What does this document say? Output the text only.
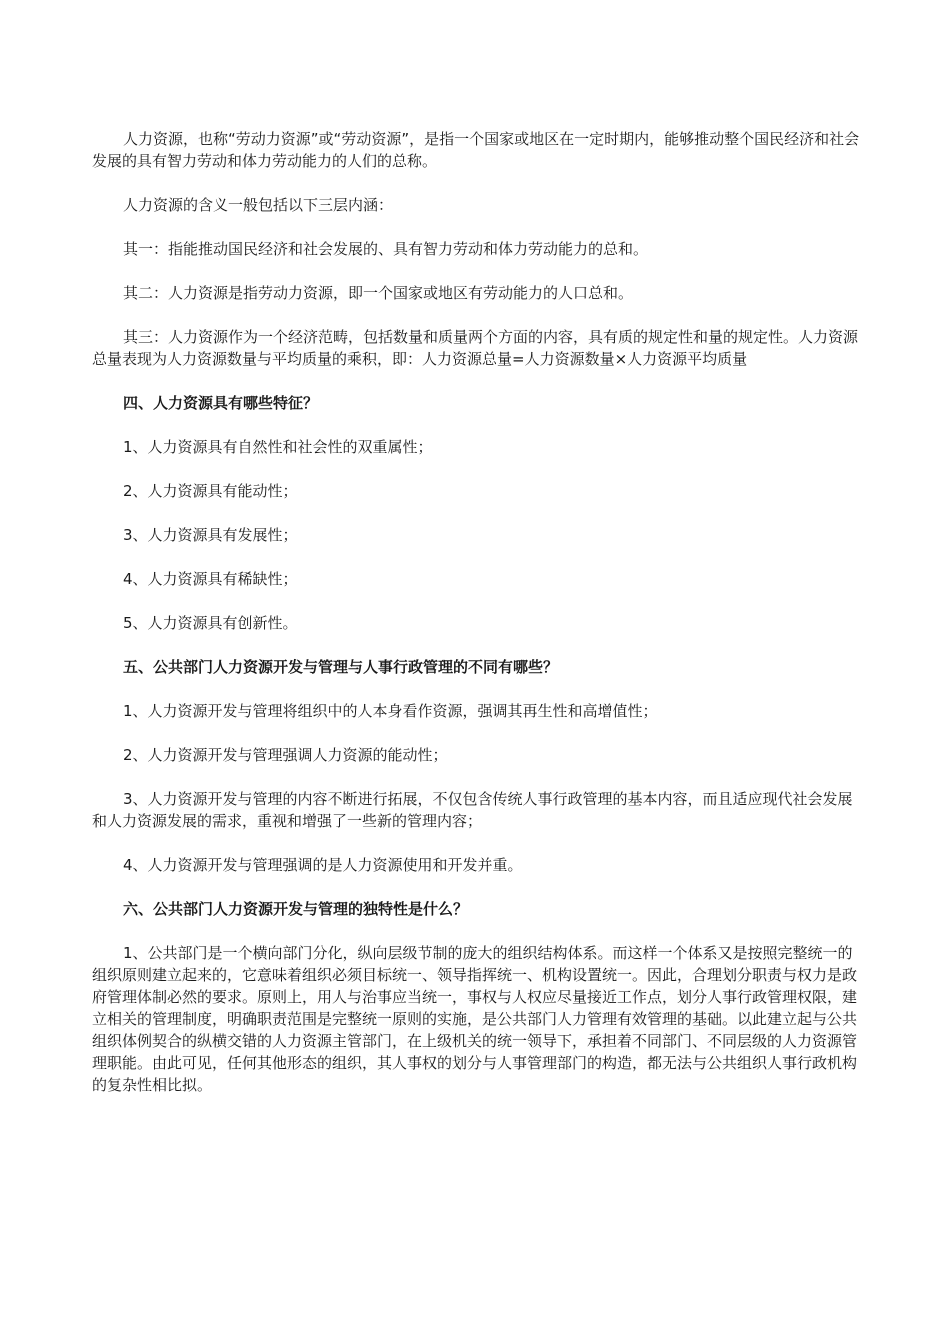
人力资源，也称“劳动力资源”或“劳动资源”，是指一个国家或地区在一定时期内，能够推动整个国民经济和社会发展的具有智力劳动和体力劳动能力的人们的总称。

人力资源的含义一般包括以下三层内涵：

其一：指能推动国民经济和社会发展的、具有智力劳动和体力劳动能力的总和。

其二：人力资源是指劳动力资源，即一个国家或地区有劳动能力的人口总和。

其三：人力资源作为一个经济范畴，包括数量和质量两个方面的内容，具有质的规定性和量的规定性。人力资源总量表现为人力资源数量与平均质量的乘积，即：人力资源总量=人力资源数量×人力资源平均质量

四、人力资源具有哪些特征？

1、人力资源具有自然性和社会性的双重属性；

2、人力资源具有能动性；

3、人力资源具有发展性；

4、人力资源具有稀缺性；

5、人力资源具有创新性。

五、公共部门人力资源开发与管理与人事行政管理的不同有哪些？

1、人力资源开发与管理将组织中的人本身看作资源，强调其再生性和高增值性；

2、人力资源开发与管理强调人力资源的能动性；

3、人力资源开发与管理的内容不断进行拓展，不仅包含传统人事行政管理的基本内容，而且适应现代社会发展和人力资源发展的需求，重视和增强了一些新的管理内容；

4、人力资源开发与管理强调的是人力资源使用和开发并重。

六、公共部门人力资源开发与管理的独特性是什么？

1、公共部门是一个横向部门分化，纵向层级节制的庞大的组织结构体系。而这样一个体系又是按照完整统一的组织原则建立起来的，它意味着组织必须目标统一、领导指挥统一、机构设置统一。因此，合理划分职责与权力是政府管理体制必然的要求。原则上，用人与治事应当统一，事权与人权应尽量接近工作点，划分人事行政管理权限，建立相关的管理制度，明确职责范围是完整统一原则的实施，是公共部门人力管理有效管理的基础。以此建立起与公共组织体例契合的纵横交错的人力资源主管部门，在上级机关的统一领导下，承担着不同部门、不同层级的人力资源管理职能。由此可见，任何其他形态的组织，其人事权的划分与人事管理部门的构造，都无法与公共组织人事行政机构的复杂性相比拟。
